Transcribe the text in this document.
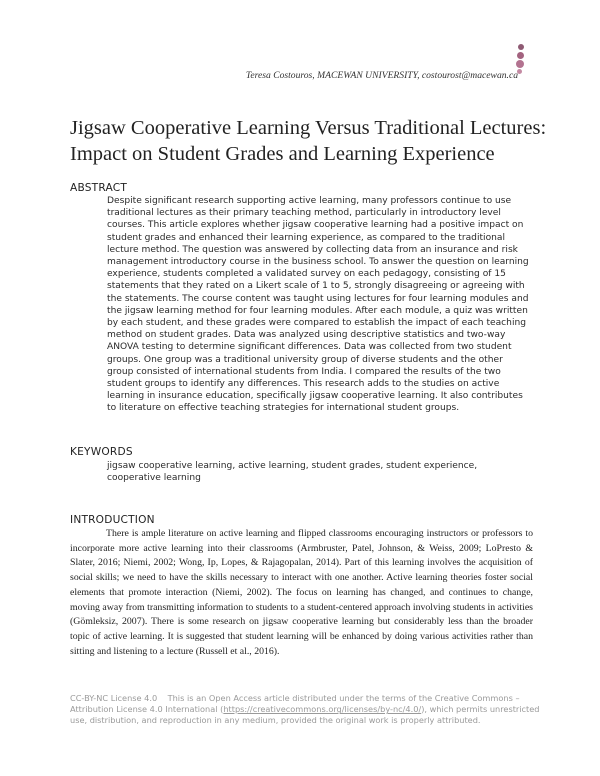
Teresa Costouros, MACEWAN UNIVERSITY, costourost@macewan.ca
Jigsaw Cooperative Learning Versus Traditional Lectures: Impact on Student Grades and Learning Experience
ABSTRACT
Despite significant research supporting active learning, many professors continue to use traditional lectures as their primary teaching method, particularly in introductory level courses. This article explores whether jigsaw cooperative learning had a positive impact on student grades and enhanced their learning experience, as compared to the traditional lecture method. The question was answered by collecting data from an insurance and risk management introductory course in the business school. To answer the question on learning experience, students completed a validated survey on each pedagogy, consisting of 15 statements that they rated on a Likert scale of 1 to 5, strongly disagreeing or agreeing with the statements. The course content was taught using lectures for four learning modules and the jigsaw learning method for four learning modules. After each module, a quiz was written by each student, and these grades were compared to establish the impact of each teaching method on student grades. Data was analyzed using descriptive statistics and two-way ANOVA testing to determine significant differences. Data was collected from two student groups. One group was a traditional university group of diverse students and the other group consisted of international students from India. I compared the results of the two student groups to identify any differences. This research adds to the studies on active learning in insurance education, specifically jigsaw cooperative learning. It also contributes to literature on effective teaching strategies for international student groups.
KEYWORDS
jigsaw cooperative learning, active learning, student grades, student experience, cooperative learning
INTRODUCTION

There is ample literature on active learning and flipped classrooms encouraging instructors or professors to incorporate more active learning into their classrooms (Armbruster, Patel, Johnson, & Weiss, 2009; LoPresto & Slater, 2016; Niemi, 2002; Wong, Ip, Lopes, & Rajagopalan, 2014). Part of this learning involves the acquisition of social skills; we need to have the skills necessary to interact with one another. Active learning theories foster social elements that promote interaction (Niemi, 2002). The focus on learning has changed, and continues to change, moving away from transmitting information to students to a student-centered approach involving students in activities (Gömleksiz, 2007). There is some research on jigsaw cooperative learning but considerably less than the broader topic of active learning. It is suggested that student learning will be enhanced by doing various activities rather than sitting and listening to a lecture (Russell et al., 2016).

CC-BY-NC License 4.0 This is an Open Access article distributed under the terms of the Creative Commons – Attribution License 4.0 International (https://creativecommons.org/licenses/by-nc/4.0/), which permits unrestricted use, distribution, and reproduction in any medium, provided the original work is properly attributed.
